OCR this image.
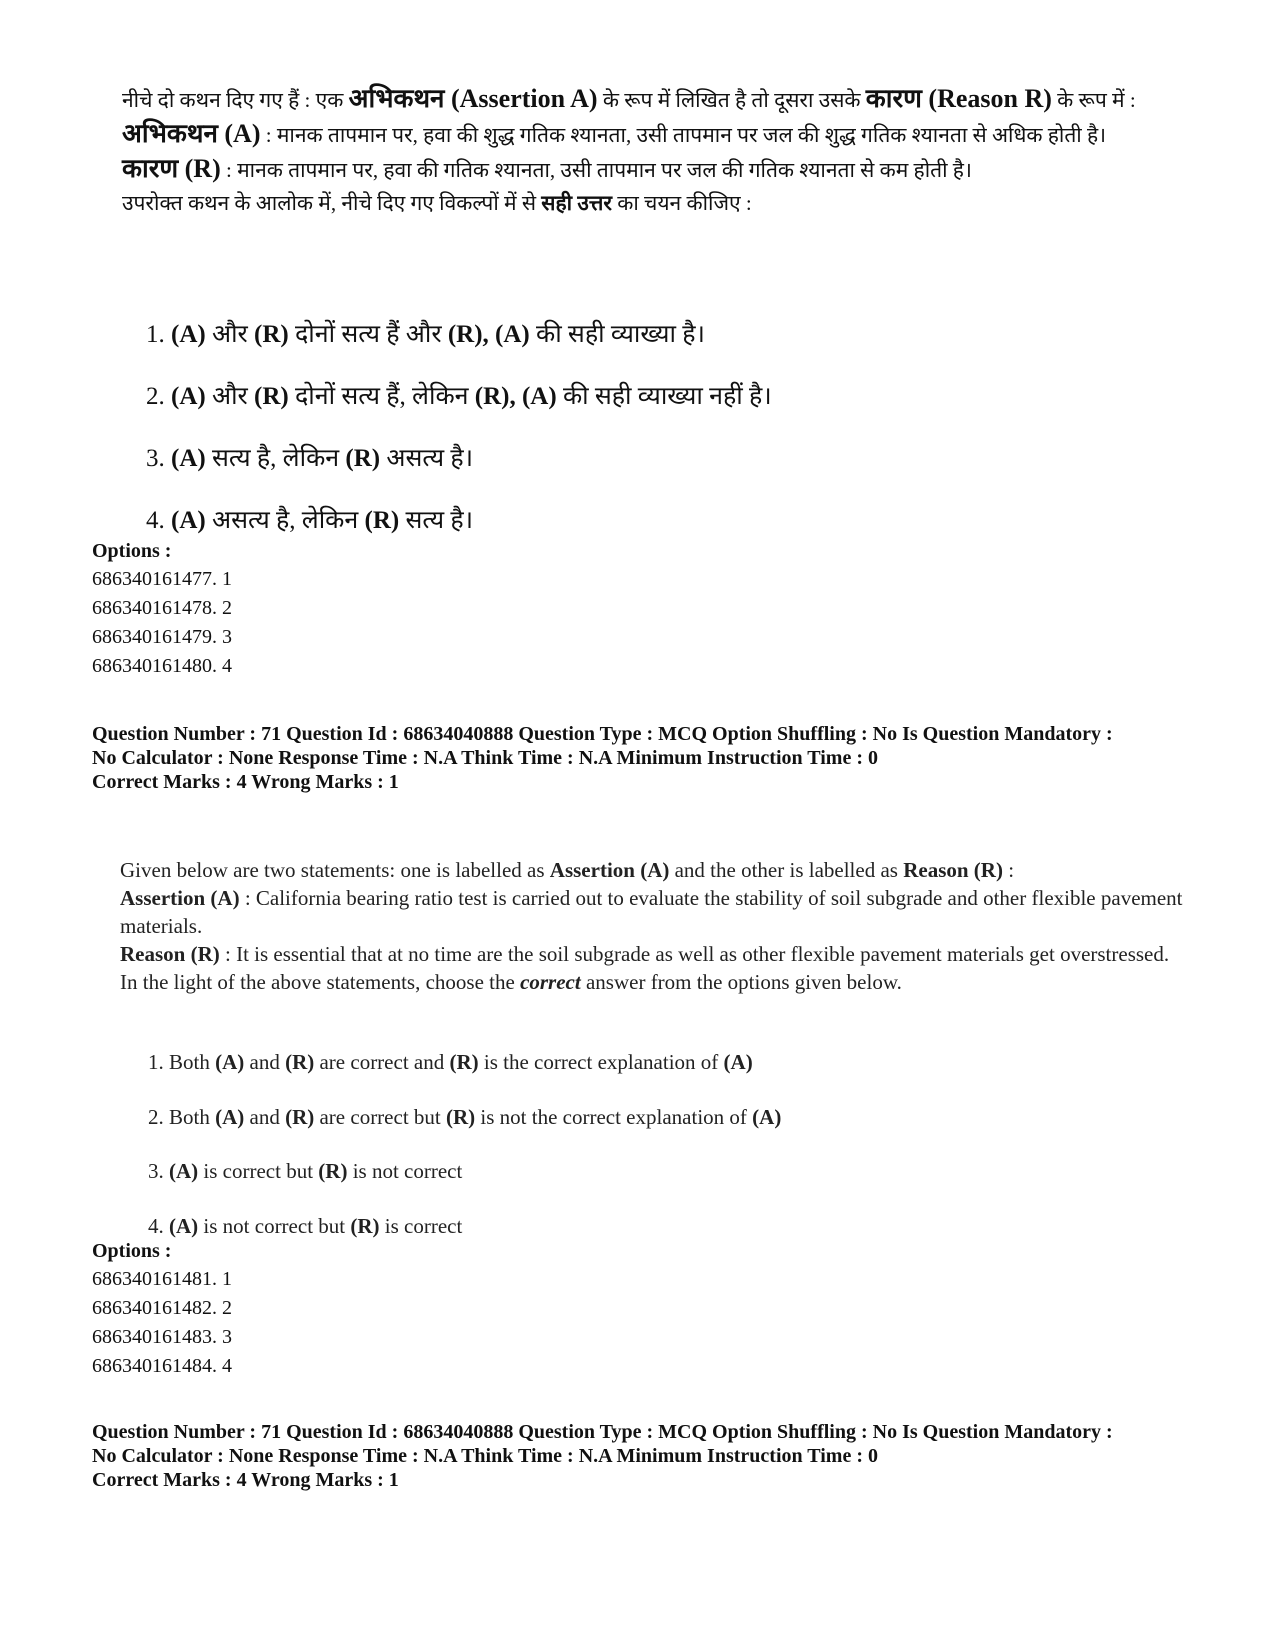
नीचे दो कथन दिए गए हैं : एक अभिकथन (Assertion A) के रूप में लिखित है तो दूसरा उसके कारण (Reason R) के रूप में :

अभिकथन (A) : मानक तापमान पर, हवा की शुद्ध गतिक श्यानता, उसी तापमान पर जल की शुद्ध गतिक श्यानता से अधिक होती है।

कारण (R) : मानक तापमान पर, हवा की गतिक श्यानता, उसी तापमान पर जल की गतिक श्यानता से कम होती है।

उपरोक्त कथन के आलोक में, नीचे दिए गए विकल्पों में से सही उत्तर का चयन कीजिए :

1. (A) और (R) दोनों सत्य हैं और (R), (A) की सही व्याख्या है।
2. (A) और (R) दोनों सत्य हैं, लेकिन (R), (A) की सही व्याख्या नहीं है।
3. (A) सत्य है, लेकिन (R) असत्य है।
4. (A) असत्य है, लेकिन (R) सत्य है।
Options :
686340161477. 1
686340161478. 2
686340161479. 3
686340161480. 4
Question Number : 71 Question Id : 68634040888 Question Type : MCQ Option Shuffling : No Is Question Mandatory :
No Calculator : None Response Time : N.A Think Time : N.A Minimum Instruction Time : 0
Correct Marks : 4 Wrong Marks : 1

Given below are two statements: one is labelled as Assertion (A) and the other is labelled as Reason (R) :

Assertion (A) : California bearing ratio test is carried out to evaluate the stability of soil subgrade and other flexible pavement materials.

Reason (R) : It is essential that at no time are the soil subgrade as well as other flexible pavement materials get overstressed.

In the light of the above statements, choose the correct answer from the options given below.

1. Both (A) and (R) are correct and (R) is the correct explanation of (A)
2. Both (A) and (R) are correct but (R) is not the correct explanation of (A)
3. (A) is correct but (R) is not correct
4. (A) is not correct but (R) is correct
Options :
686340161481. 1
686340161482. 2
686340161483. 3
686340161484. 4
Question Number : 71 Question Id : 68634040888 Question Type : MCQ Option Shuffling : No Is Question Mandatory :
No Calculator : None Response Time : N.A Think Time : N.A Minimum Instruction Time : 0
Correct Marks : 4 Wrong Marks : 1
